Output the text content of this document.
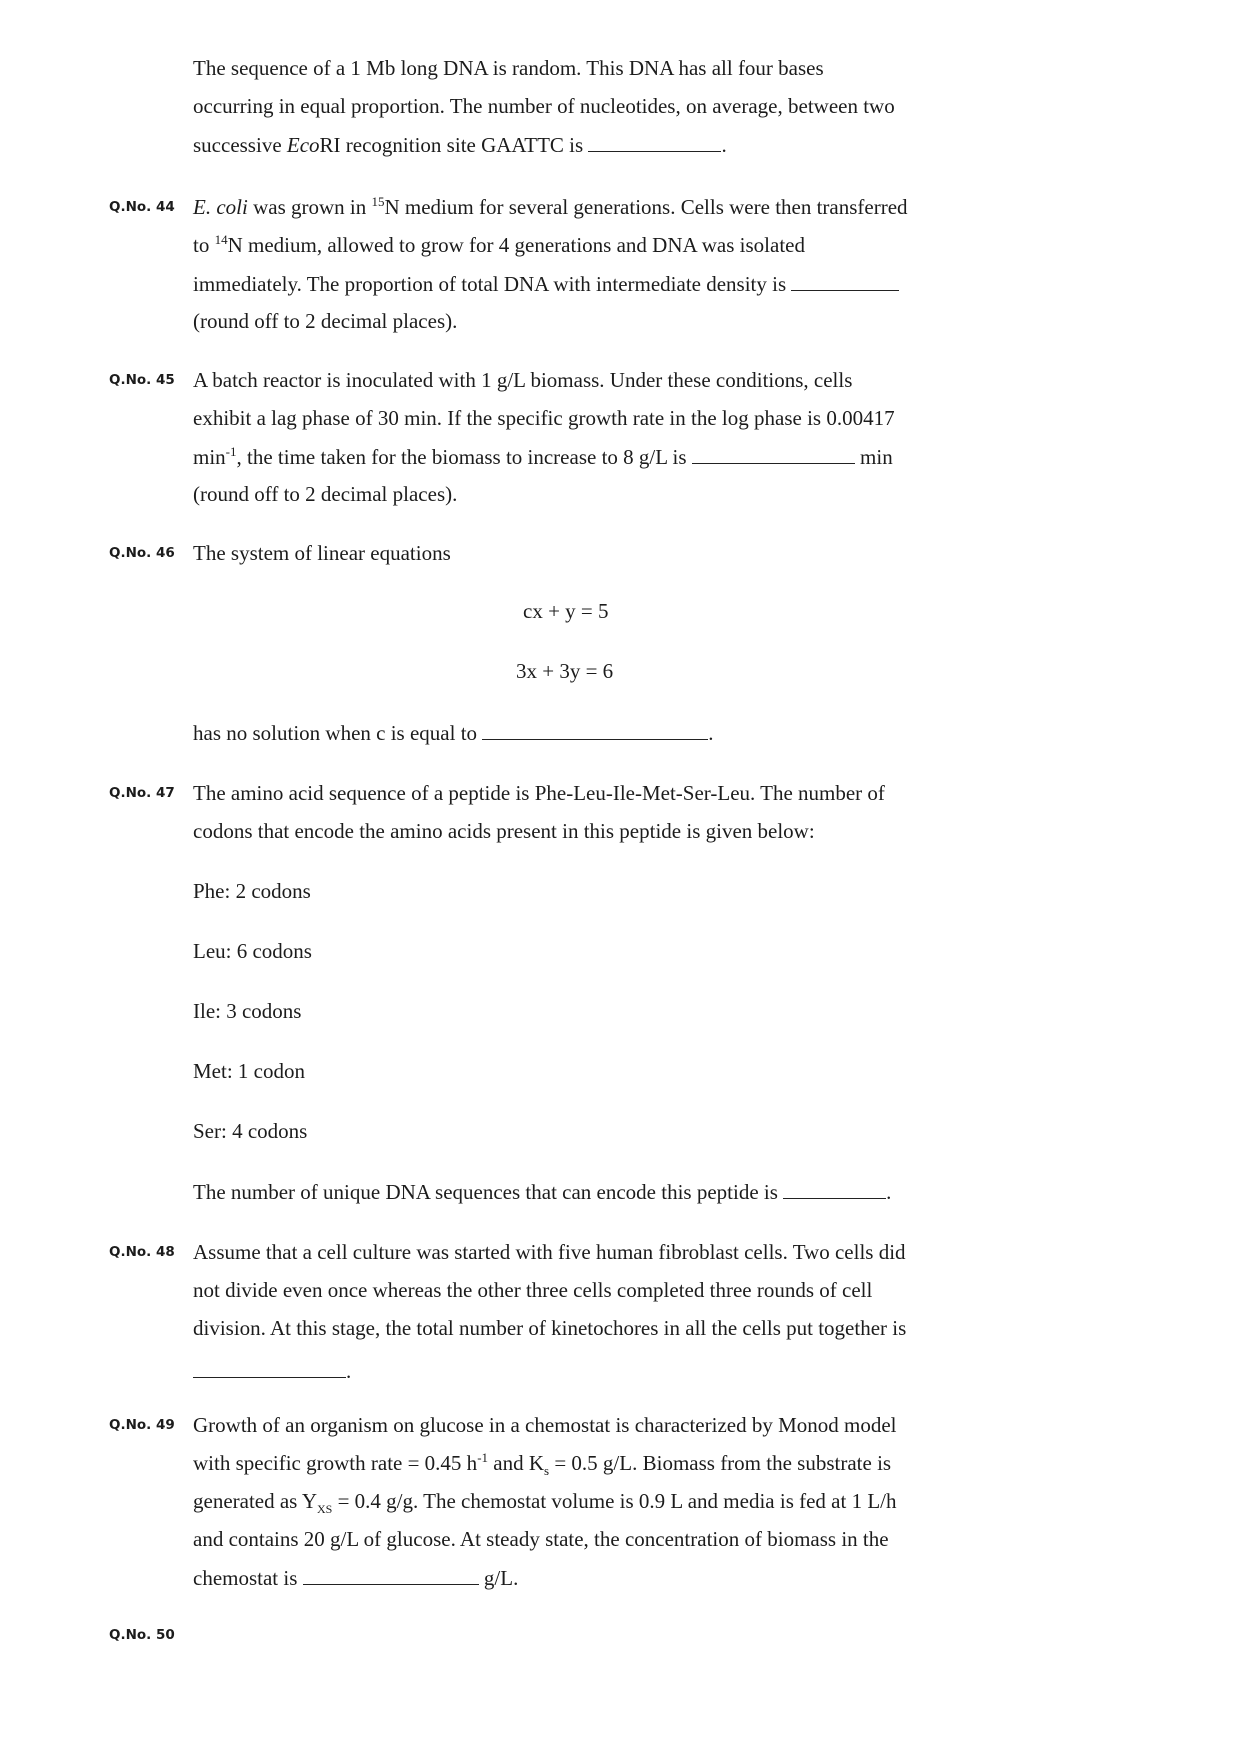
The sequence of a 1 Mb long DNA is random. This DNA has all four bases
occurring in equal proportion. The number of nucleotides, on average, between two
successive EcoRI recognition site GAATTC is	.
Q.No. 44 E. coli was grown in $^{15}$N medium for several generations. Cells were then transferred
to $^{14}$N medium, allowed to grow for 4 generations and DNA was isolated
immediately. The proportion of total DNA with intermediate density is
(round off to 2 decimal places).
Q.No. 45 A batch reactor is inoculated with 1 g/L biomass. Under these conditions, cells
exhibit a lag phase of 30 min. If the specific growth rate in the log phase is 0.00417
$\min^{-1}$, the time taken for the biomass to increase to 8 g/L is	min
(round off to 2 decimal places).
Q.No. 46 The system of linear equations
cx + y = 5
3x + 3y = 6
has no solution when c is equal to	.
Q.No. 47 The amino acid sequence of a peptide is Phe-Leu-Ile-Met-Ser-Leu. The number of
codons that encode the amino acids present in this peptide is given below:
Phe: 2 codons
Leu: 6 codons
Ile: 3 codons
Met: 1 codon
Ser: 4 codons
The number of unique DNA sequences that can encode this peptide is	.
Q.No. 48 Assume that a cell culture was started with five human fibroblast cells. Two cells did
not divide even once whereas the other three cells completed three rounds of cell
division. At this stage, the total number of kinetochores in all the cells put together is
.
Q.No. 49 Growth of an organism on glucose in a chemostat is characterized by Monod model
with specific growth rate = 0.45 $h^{-1}$ and $K_s = 0.5$ g/L. Biomass from the substrate is
generated as $Y_{XS} = 0.4$ g/g. The chemostat volume is 0.9 L and media is fed at 1 L/h
and contains 20 g/L of glucose. At steady state, the concentration of biomass in the
chemostat is	g/L.
Q.No. 50
